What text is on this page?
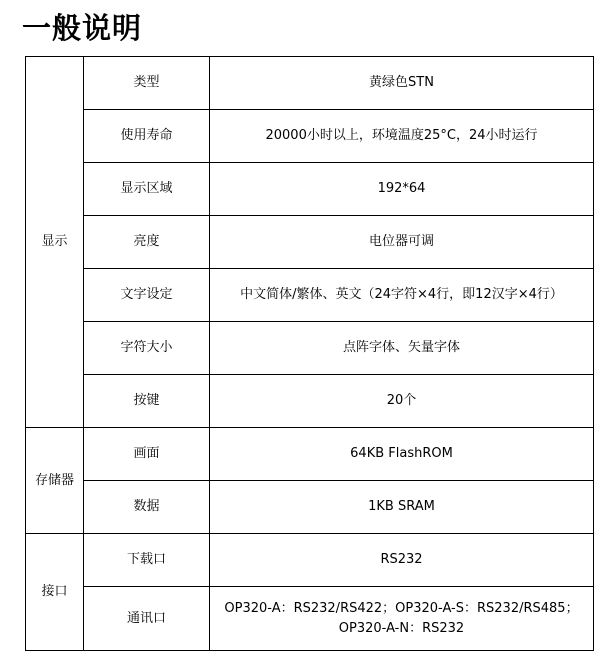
一般说明
显示	类型	黄绿色STN
	使用寿命	20000小时以上，环境温度25°C，24小时运行
	显示区域	192*64
	亮度	电位器可调
	文字设定	中文简体/繁体、英文（24字符×4行，即12汉字×4行）
	字符大小	点阵字体、矢量字体
	按键	20个
存储器	画面	64KB FlashROM
	数据	1KB SRAM
接口	下载口	RS232
	通讯口	OP320-A：RS232/RS422；OP320-A-S：RS232/RS485；
OP320-A-N：RS232
